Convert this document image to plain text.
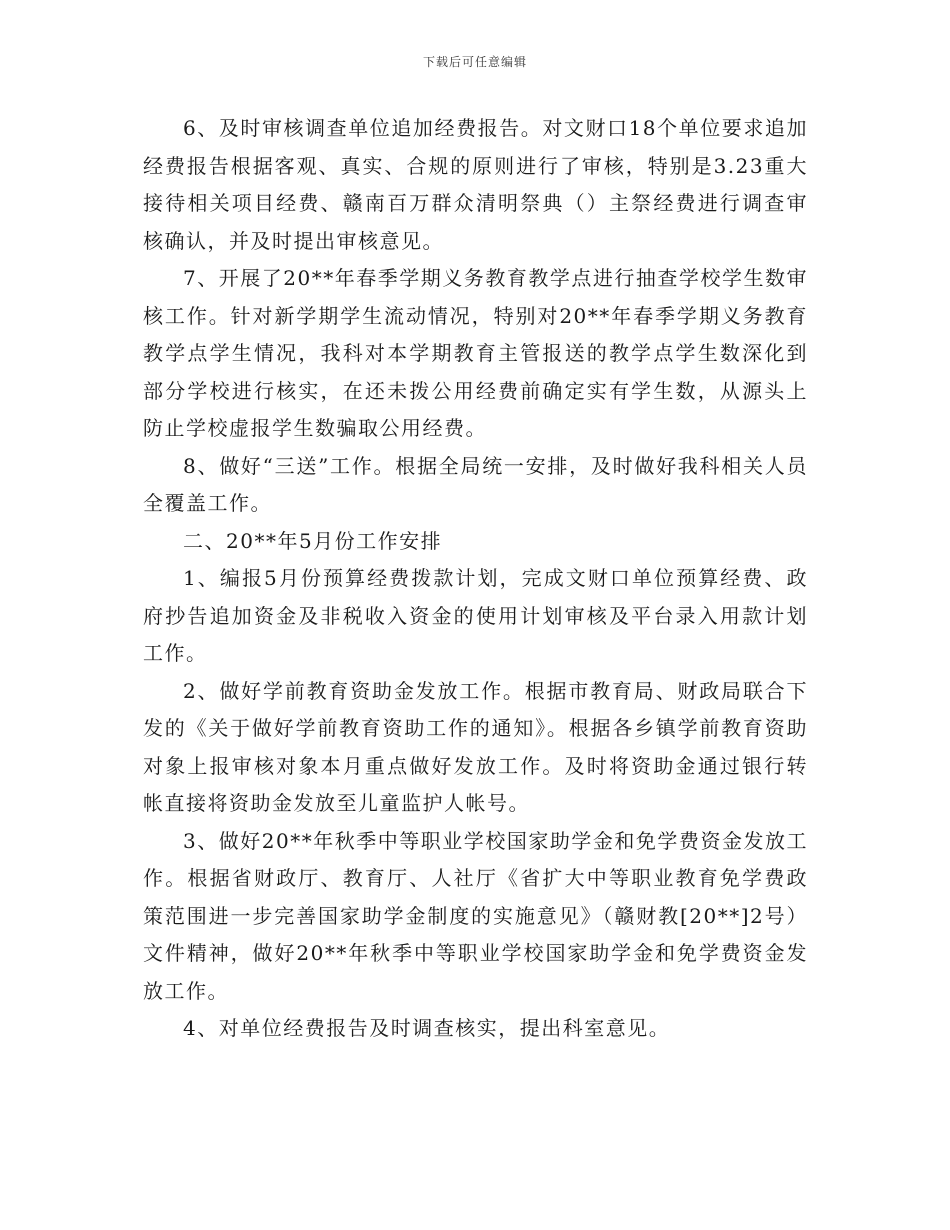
下载后可任意编辑

6、及时审核调查单位追加经费报告。对文财口18个单位要求追加经费报告根据客观、真实、合规的原则进行了审核，特别是3.23重大接待相关项目经费、赣南百万群众清明祭典（）主祭经费进行调查审核确认，并及时提出审核意见。

7、开展了20**年春季学期义务教育教学点进行抽查学校学生数审核工作。针对新学期学生流动情况，特别对20**年春季学期义务教育教学点学生情况，我科对本学期教育主管报送的教学点学生数深化到部分学校进行核实，在还未拨公用经费前确定实有学生数，从源头上防止学校虚报学生数骗取公用经费。

8、做好“三送”工作。根据全局统一安排，及时做好我科相关人员全覆盖工作。

二、20**年5月份工作安排

1、编报5月份预算经费拨款计划，完成文财口单位预算经费、政府抄告追加资金及非税收入资金的使用计划审核及平台录入用款计划工作。

2、做好学前教育资助金发放工作。根据市教育局、财政局联合下发的《关于做好学前教育资助工作的通知》。根据各乡镇学前教育资助对象上报审核对象本月重点做好发放工作。及时将资助金通过银行转帐直接将资助金发放至儿童监护人帐号。

3、做好20**年秋季中等职业学校国家助学金和免学费资金发放工作。根据省财政厅、教育厅、人社厅《省扩大中等职业教育免学费政策范围进一步完善国家助学金制度的实施意见》（赣财教[20**]2号）文件精神，做好20**年秋季中等职业学校国家助学金和免学费资金发放工作。

4、对单位经费报告及时调查核实，提出科室意见。
